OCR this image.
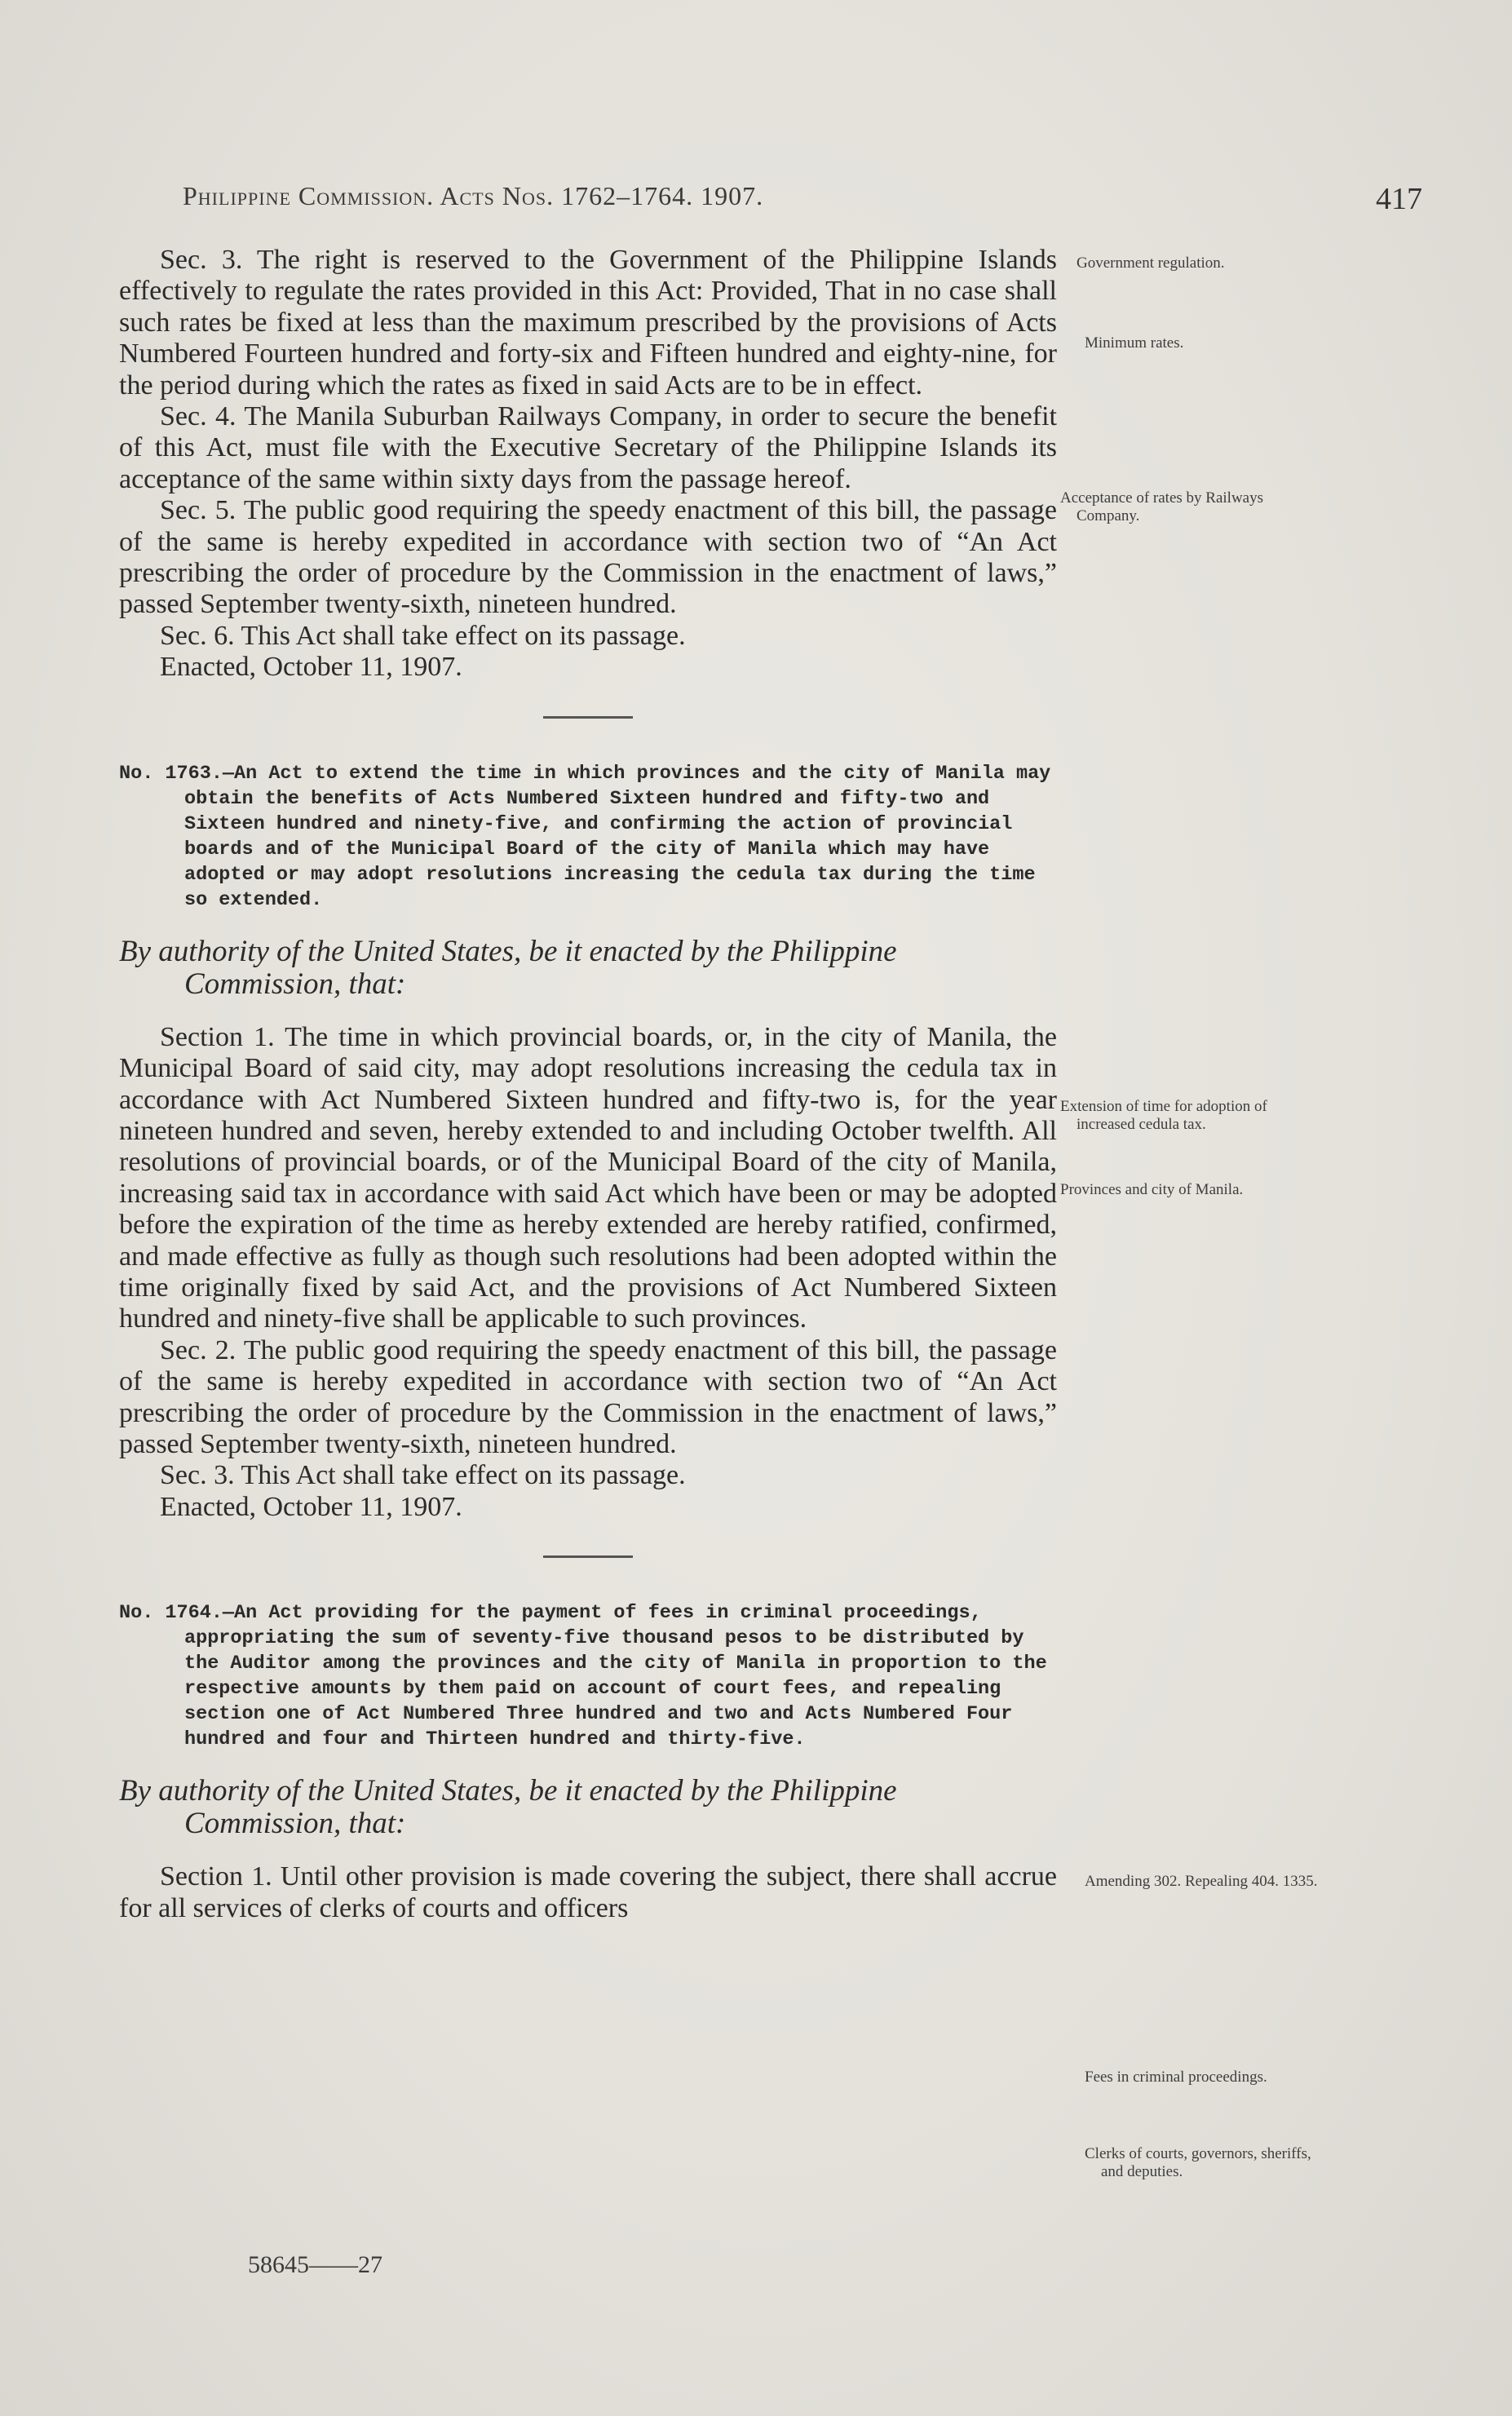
Philippine Commission. Acts Nos. 1762–1764. 1907.	417

Sec. 3. The right is reserved to the Government of the Philippine Islands effectively to regulate the rates provided in this Act: Provided, That in no case shall such rates be fixed at less than the maximum prescribed by the provisions of Acts Numbered Fourteen hundred and forty-six and Fifteen hundred and eighty-nine, for the period during which the rates as fixed in said Acts are to be in effect.

Sec. 4. The Manila Suburban Railways Company, in order to secure the benefit of this Act, must file with the Executive Secretary of the Philippine Islands its acceptance of the same within sixty days from the passage hereof.

Sec. 5. The public good requiring the speedy enactment of this bill, the passage of the same is hereby expedited in accordance with section two of “An Act prescribing the order of procedure by the Commission in the enactment of laws,” passed September twenty-sixth, nineteen hundred.

Sec. 6. This Act shall take effect on its passage.

Enacted, October 11, 1907.

No. 1763.—An Act to extend the time in which provinces and the city of Manila may obtain the benefits of Acts Numbered Sixteen hundred and fifty-two and Sixteen hundred and ninety-five, and confirming the action of provincial boards and of the Municipal Board of the city of Manila which may have adopted or may adopt resolutions increasing the cedula tax during the time so extended.

By authority of the United States, be it enacted by the Philippine Commission, that:

Section 1. The time in which provincial boards, or, in the city of Manila, the Municipal Board of said city, may adopt resolutions increasing the cedula tax in accordance with Act Numbered Sixteen hundred and fifty-two is, for the year nineteen hundred and seven, hereby extended to and including October twelfth. All resolutions of provincial boards, or of the Municipal Board of the city of Manila, increasing said tax in accordance with said Act which have been or may be adopted before the expiration of the time as hereby extended are hereby ratified, confirmed, and made effective as fully as though such resolutions had been adopted within the time originally fixed by said Act, and the provisions of Act Numbered Sixteen hundred and ninety-five shall be applicable to such provinces.

Sec. 2. The public good requiring the speedy enactment of this bill, the passage of the same is hereby expedited in accordance with section two of “An Act prescribing the order of procedure by the Commission in the enactment of laws,” passed September twenty-sixth, nineteen hundred.

Sec. 3. This Act shall take effect on its passage.

Enacted, October 11, 1907.

No. 1764.—An Act providing for the payment of fees in criminal proceedings, appropriating the sum of seventy-five thousand pesos to be distributed by the Auditor among the provinces and the city of Manila in proportion to the respective amounts by them paid on account of court fees, and repealing section one of Act Numbered Three hundred and two and Acts Numbered Four hundred and four and Thirteen hundred and thirty-five.

By authority of the United States, be it enacted by the Philippine Commission, that:

Section 1. Until other provision is made covering the subject, there shall accrue for all services of clerks of courts and officers

Government regulation.
Minimum rates.
Acceptance of rates by Railways Company.
Extension of time for adoption of increased cedula tax.
Provinces and city of Manila.
Amending 302. Repealing 404. 1335.
Fees in criminal proceedings.
Clerks of courts, governors, sheriffs, and deputies.
58645——27
